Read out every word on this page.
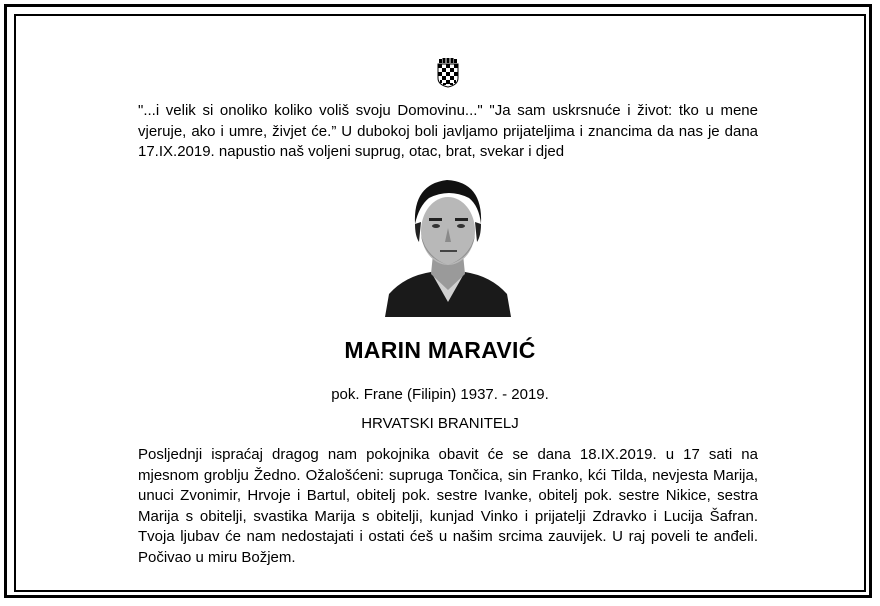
"...i velik si onoliko koliko voliš svoju Domovinu..." "Ja sam uskrsnuće i život: tko u mene vjeruje, ako i umre, živjet će.” U dubokoj boli javljamo prijateljima i znancima da nas je dana 17.IX.2019. napustio naš voljeni suprug, otac, brat, svekar i djed

MARIN MARAVIĆ

pok. Frane (Filipin) 1937. - 2019.

HRVATSKI BRANITELJ

Posljednji ispraćaj dragog nam pokojnika obavit će se dana 18.IX.2019. u 17 sati na mjesnom groblju Žedno. Ožalošćeni: supruga Tončica, sin Franko, kći Tilda, nevjesta Marija, unuci Zvonimir, Hrvoje i Bartul, obitelj pok. sestre Ivanke, obitelj pok. sestre Nikice, sestra Marija s obitelji, svastika Marija s obitelji, kunjad Vinko i prijatelji Zdravko i Lucija Šafran. Tvoja ljubav će nam nedostajati i ostati ćeš u našim srcima zauvijek. U raj poveli te anđeli. Počivao u miru Božjem.
